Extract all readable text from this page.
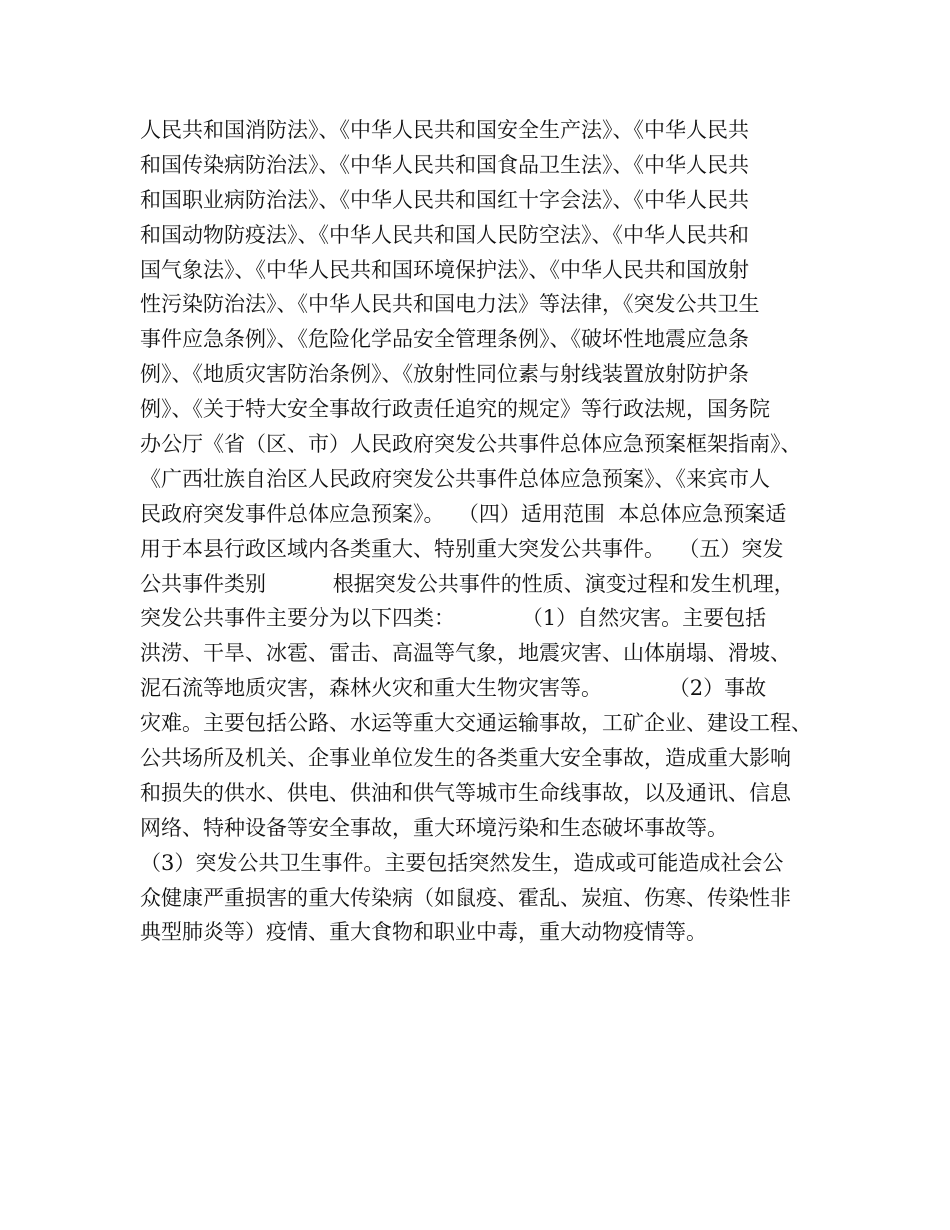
人民共和国消防法》、《中华人民共和国安全生产法》、《中华人民共
和国传染病防治法》、《中华人民共和国食品卫生法》、《中华人民共
和国职业病防治法》、《中华人民共和国红十字会法》、《中华人民共
和国动物防疫法》、《中华人民共和国人民防空法》、《中华人民共和
国气象法》、《中华人民共和国环境保护法》、《中华人民共和国放射
性污染防治法》、《中华人民共和国电力法》等法律，《突发公共卫生
事件应急条例》、《危险化学品安全管理条例》、《破坏性地震应急条
例》、《地质灾害防治条例》、《放射性同位素与射线装置放射防护条
例》、《关于特大安全事故行政责任追究的规定》等行政法规，国务院
办公厅《省（区、市）人民政府突发公共事件总体应急预案框架指南》、
《广西壮族自治区人民政府突发公共事件总体应急预案》、《来宾市人
民政府突发事件总体应急预案》。  （四）适用范围  本总体应急预案适
用于本县行政区域内各类重大、特别重大突发公共事件。  （五）突发
公共事件类别          根据突发公共事件的性质、演变过程和发生机理，
突发公共事件主要分为以下四类：          （1）自然灾害。主要包括
洪涝、干旱、冰雹、雷击、高温等气象，地震灾害、山体崩塌、滑坡、
泥石流等地质灾害，森林火灾和重大生物灾害等。          （2）事故
灾难。主要包括公路、水运等重大交通运输事故，工矿企业、建设工程、
公共场所及机关、企事业单位发生的各类重大安全事故，造成重大影响
和损失的供水、供电、供油和供气等城市生命线事故，以及通讯、信息
网络、特种设备等安全事故，重大环境污染和生态破坏事故等。
（3）突发公共卫生事件。主要包括突然发生，造成或可能造成社会公
众健康严重损害的重大传染病（如鼠疫、霍乱、炭疽、伤寒、传染性非
典型肺炎等）疫情、重大食物和职业中毒，重大动物疫情等。
